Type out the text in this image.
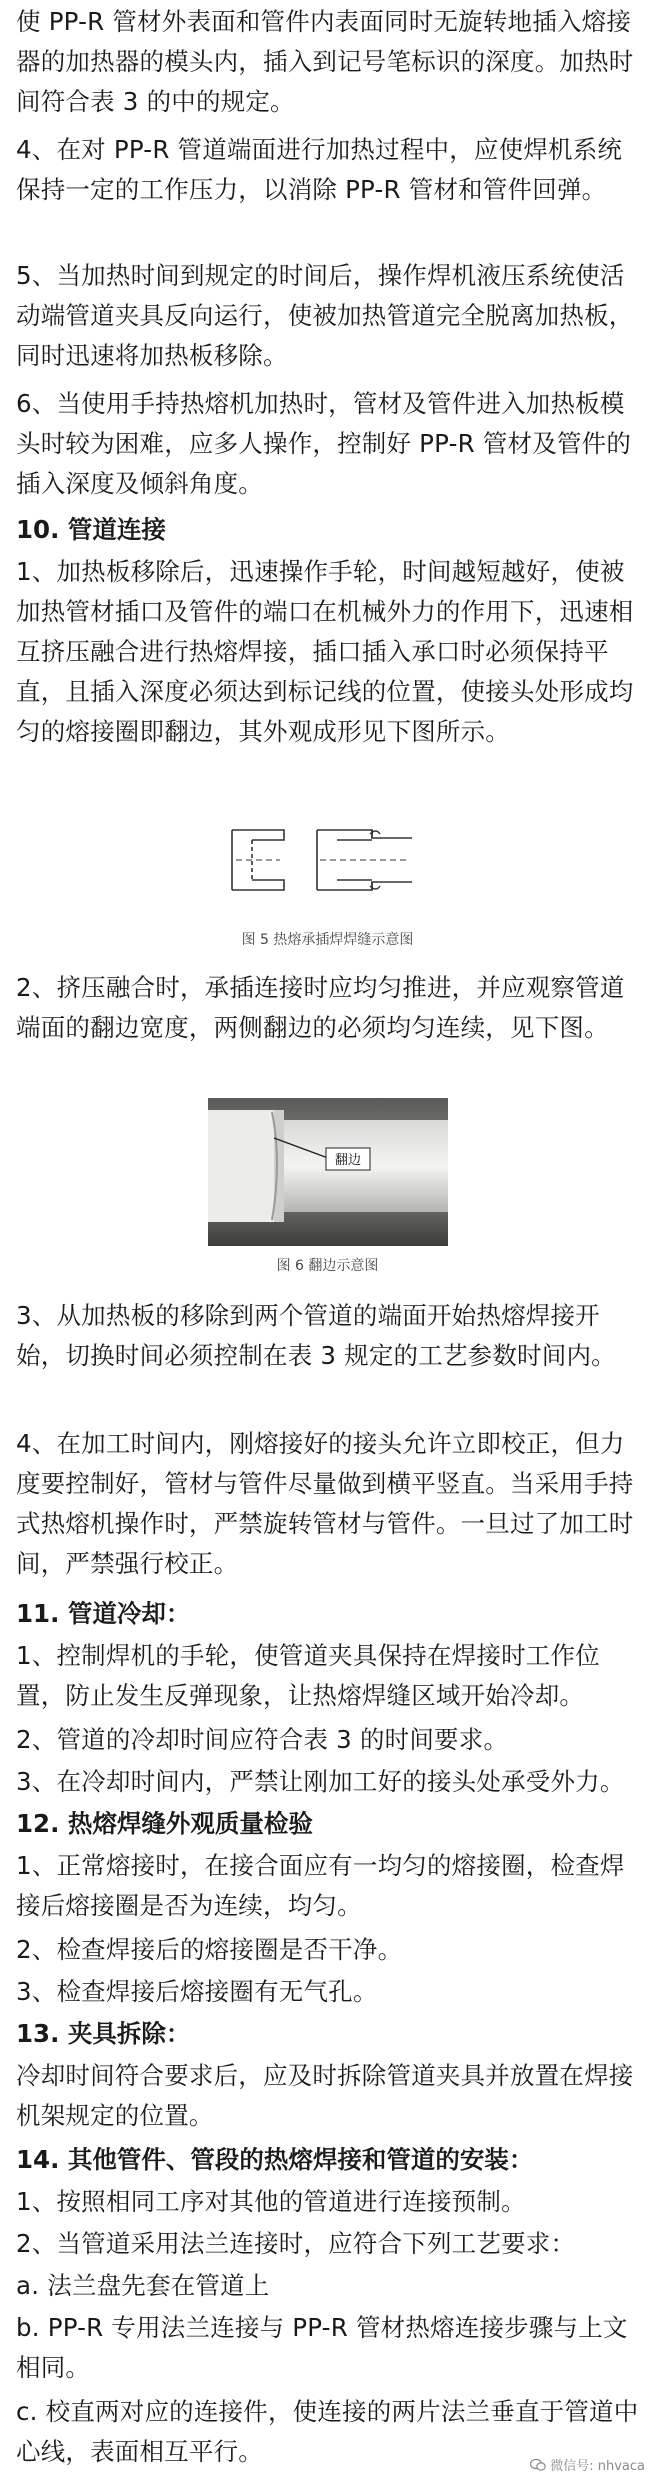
使 PP-R 管材外表面和管件内表面同时无旋转地插入熔接器的加热器的模头内，插入到记号笔标识的深度。加热时间符合表 3 的中的规定。

4、在对 PP-R 管道端面进行加热过程中，应使焊机系统保持一定的工作压力，以消除 PP-R 管材和管件回弹。

5、当加热时间到规定的时间后，操作焊机液压系统使活动端管道夹具反向运行，使被加热管道完全脱离加热板，同时迅速将加热板移除。

6、当使用手持热熔机加热时，管材及管件进入加热板模头时较为困难，应多人操作，控制好 PP-R 管材及管件的插入深度及倾斜角度。

10. 管道连接

1、加热板移除后，迅速操作手轮，时间越短越好，使被加热管材插口及管件的端口在机械外力的作用下，迅速相互挤压融合进行热熔焊接，插口插入承口时必须保持平直，且插入深度必须达到标记线的位置，使接头处形成均匀的熔接圈即翻边，其外观成形见下图所示。

图 5 热熔承插焊焊缝示意图

2、挤压融合时，承插连接时应均匀推进，并应观察管道端面的翻边宽度，两侧翻边的必须均匀连续，见下图。

翻边

图 6 翻边示意图

3、从加热板的移除到两个管道的端面开始热熔焊接开始，切换时间必须控制在表 3 规定的工艺参数时间内。

4、在加工时间内，刚熔接好的接头允许立即校正，但力度要控制好，管材与管件尽量做到横平竖直。当采用手持式热熔机操作时，严禁旋转管材与管件。一旦过了加工时间，严禁强行校正。

11. 管道冷却：

1、控制焊机的手轮，使管道夹具保持在焊接时工作位置，防止发生反弹现象，让热熔焊缝区域开始冷却。

2、管道的冷却时间应符合表 3 的时间要求。

3、在冷却时间内，严禁让刚加工好的接头处承受外力。

12. 热熔焊缝外观质量检验

1、正常熔接时，在接合面应有一均匀的熔接圈，检查焊接后熔接圈是否为连续，均匀。

2、检查焊接后的熔接圈是否干净。

3、检查焊接后熔接圈有无气孔。

13. 夹具拆除：

冷却时间符合要求后，应及时拆除管道夹具并放置在焊接机架规定的位置。

14. 其他管件、管段的热熔焊接和管道的安装：

1、按照相同工序对其他的管道进行连接预制。

2、当管道采用法兰连接时，应符合下列工艺要求：

a. 法兰盘先套在管道上

b. PP-R 专用法兰连接与 PP-R 管材热熔连接步骤与上文相同。

c. 校直两对应的连接件，使连接的两片法兰垂直于管道中心线，表面相互平行。

微信号: nhvaca
